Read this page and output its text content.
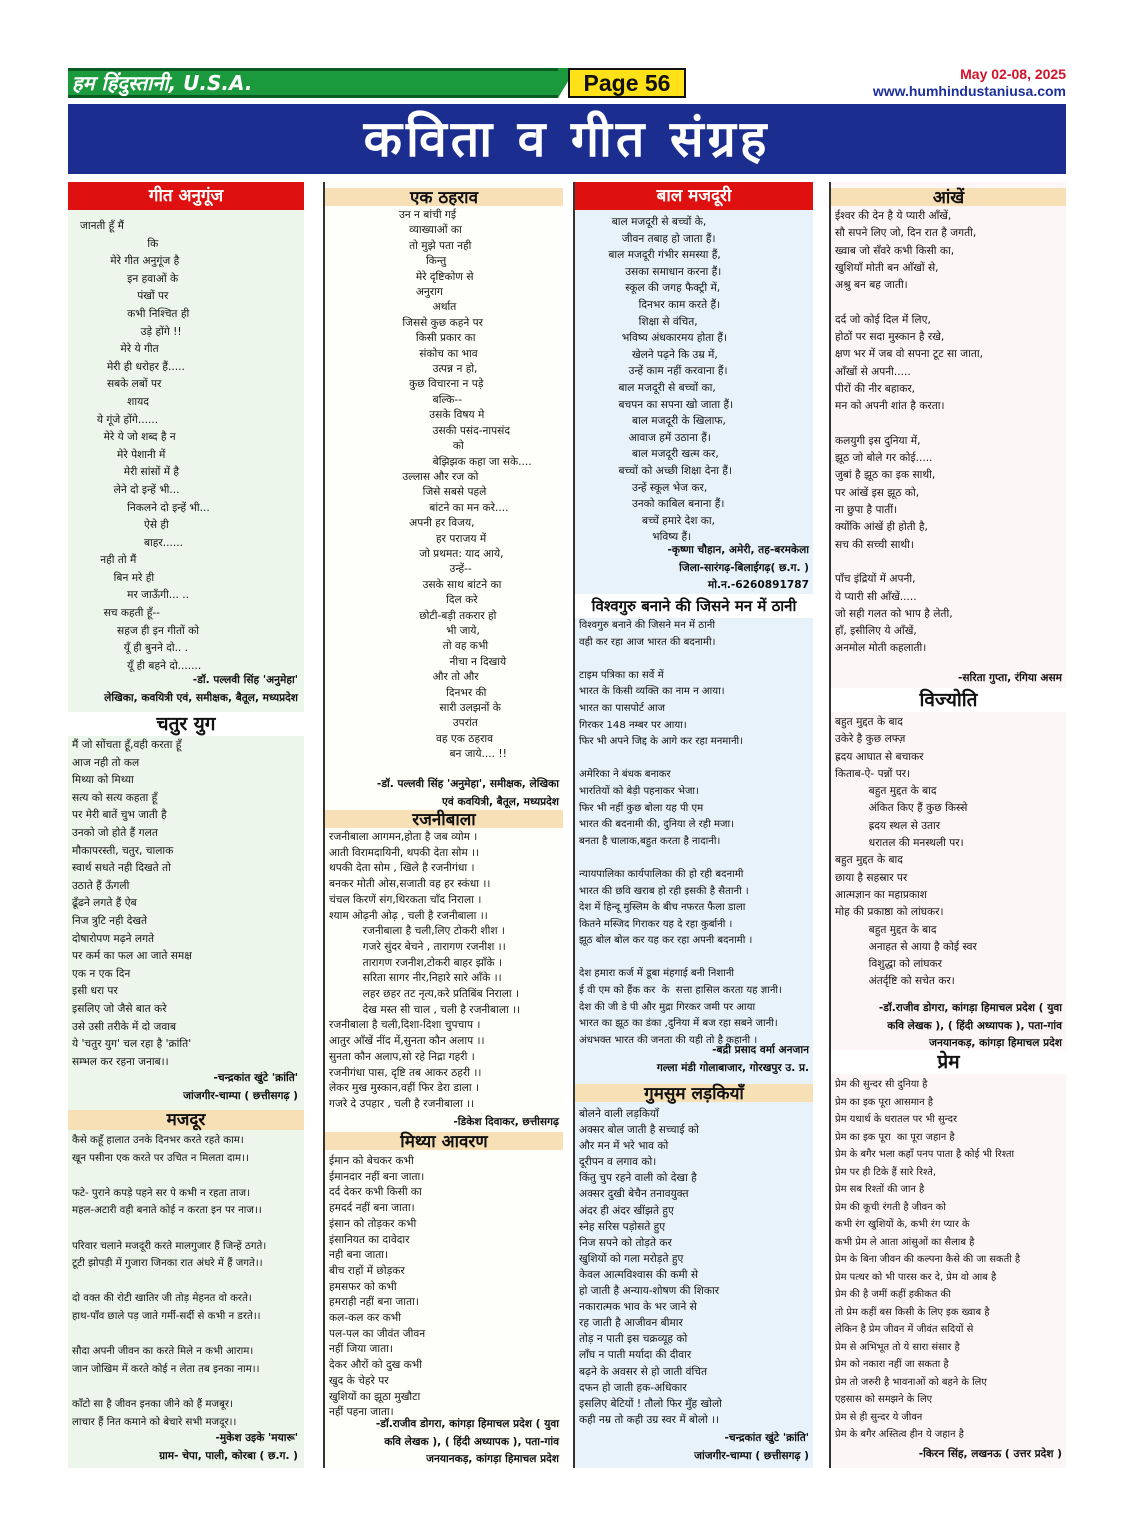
हम हिंदुस्तानी, U.S.A.	Page 56	May 02-08, 2025
www.humhindustaniusa.com
कविता व गीत संग्रह
गीत अनुगूंज
जानती हूँ मैं
कि
मेरे गीत अनुगूंज है
इन हवाओं के
पंखों पर
कभी निश्चित ही
उड़े होंगे !!
मेरे ये गीत
मेरी ही धरोहर हैं.....
सबके लबों पर
शायद
ये गूंजे होंगे......
मेरे ये जो शब्द है न
मेरे पेशानी में
मेरी सांसों में है
लेने दो इन्हें भी...
निकलने दो इन्हें भी...
ऐसे ही
बाहर......
नही तो मैं
बिन मरे ही
मर जाऊँगी... ..
सच कहती हूँ--
सहज ही इन गीतों को
यूँ ही बुनने दो.. .
यूँ ही बहने दो.......
-डॉ. पल्लवी सिंह 'अनुमेहा'
लेखिका, कवयित्री एवं, समीक्षक, बैतूल, मध्यप्रदेश
चतुर युग
मैं जो सोंचता हूँ,वही करता हूँ
आज नही तो कल
मिथ्या को मिथ्या
सत्य को सत्य कहता हूँ
पर मेरी बातें चुभ जाती है
उनको जो होते हैं गलत
मौकापरस्ती, चतुर, चालाक
स्वार्थ सधते नही दिखते तो
उठाते हैं ऊँगली
ढूँढने लगते हैं ऐब
निज त्रुटि नही देखते
दोषारोपण मढ़ने लगते
पर कर्म का फल आ जाते समक्ष
एक न एक दिन
इसी धरा पर
इसलिए जो जैसे बात करे
उसे उसी तरीके में दो जवाब
ये 'चतुर युग' चल रहा है 'क्रांति'
सम्भल कर रहना जनाब।।
-चन्द्रकांत खुंटे 'क्रांति'
जांजगीर-चाम्पा ( छत्तीसगढ़ )
मजदूर
कैसे कहूँ हालात उनके दिनभर करते रहते काम।
खून पसीना एक करते पर उचित न मिलता दाम।।

फटे- पुराने कपड़े पहने सर पे कभी न रहता ताज।
महल-अटारी वही बनाते कोई न करता इन पर नाज।।

परिवार चलाने मजदूरी करते मालगुजार हैं जिन्हें ठगते।
टूटी झोपड़ी में गुजारा जिनका रात अंधरे में हैं जगते।।

दो वक्त की रोटी खातिर जी तोड़ मेहनत वो करते।
हाथ-पाँव छाले पड़ जाते गर्मी-सर्दी से कभी न डरते।।

सौदा अपनी जीवन का करते मिले न कभी आराम।
जान जोखिम में करते कोई न लेता तब इनका नाम।।

काँटो सा है जीवन इनका जीने को हैं मजबूर।
लाचार हैं नित कमाने को बेचारे सभी मजदूर।।
-मुकेश उइके 'मयारू'
ग्राम- चेपा, पाली, कोरबा ( छ.ग. )
एक ठहराव
उन न बांची गई
व्याख्याओं का
तो मुझे पता नही
किन्तु
मेरे दृष्टिकोण से
अनुराग
अर्थात
जिससे कुछ कहने पर
किसी प्रकार का
संकोच का भाव
उत्पन्न न हो,
कुछ विचारना न पड़े
बल्कि--
उसके विषय मे
उसकी पसंद-नापसंद
को
बेझिझक कहा जा सके....
उल्लास और रज को
जिसे सबसे पहले
बांटने का मन करे....
अपनी हर विजय,
हर पराजय में
जो प्रथमत: याद आये,
उन्हें--
उसके साथ बांटने का
दिल करे
छोटी-बड़ी तकरार हो
भी जाये,
तो वह कभी
नीचा न दिखाये
और तो और
दिनभर की
सारी उलझनों के
उपरांत
वह एक ठहराव
बन जाये.... !!
-डॉ. पल्लवी सिंह 'अनुमेहा', समीक्षक, लेखिका
एवं कवयित्री, बैतूल, मध्यप्रदेश
रजनीबाला
रजनीबाला आगमन,होता है जब व्योम ।
आती विरामदायिनी, थपकी देता सोम ।।
थपकी देता सोम , खिले है रजनीगंधा ।
बनकर मोती ओस,सजाती वह हर स्कंधा ।।
चंचल किरणें संग,थिरकता चाँद निराला ।
श्याम ओढ़नी ओढ़ , चली है रजनीबाला ।।
रजनीबाला है चली,लिए टोकरी शीश ।
गजरे सुंदर बेचने , तारागण रजनीश ।।
तारागण रजनीश,टोकरी बाहर झाँके ।
सरिता सागर नीर,निहारे सारे आँके ।।
लहर छहर तट नृत्य,करे प्रतिबिंब निराला ।
देख मस्त सी चाल , चली है रजनीबाला ।।
रजनीबाला है चली,दिशा-दिशा चुपचाप ।
आतुर आँखें नींद में,सुनता कौन अलाप ।।
सुनता कौन अलाप,सो रहे निद्रा गहरी ।
रजनीगंधा पास, दृष्टि तब आकर ठहरी ।।
लेकर मुख मुस्कान,वहीं फिर डेरा डाला ।
गजरे दे उपहार , चली है रजनीबाला ।।
-डिकेश दिवाकर, छत्तीसगढ़
मिथ्या आवरण
ईमान को बेचकर कभी
ईमानदार नहीं बना जाता।
दर्द देकर कभी किसी का
हमदर्द नहीं बना जाता।
इंसान को तोड़कर कभी
इंसानियत का दावेदार
नही बना जाता।
बीच राहों में छोड़कर
हमसफर को कभी
हमराही नहीं बना जाता।
कल-कल कर कभी
पल-पल का जीवंत जीवन
नहीं जिया जाता।
देकर औरों को दुख कभी
खुद के चेहरे पर
खुशियों का झूठा मुखौटा
नहीं पहना जाता।
-डॉ.राजीव डोगरा, कांगड़ा हिमाचल प्रदेश ( युवा
कवि लेखक ), ( हिंदी अध्यापक ), पता-गांव
जनयानकड़, कांगड़ा हिमाचल प्रदेश
बाल मजदूरी
बाल मजदूरी से बच्चों के,
जीवन तबाह हो जाता हैं।
बाल मजदूरी गंभीर समस्या हैं,
उसका समाधान करना हैं।
स्कूल की जगह फैक्ट्री में,
दिनभर काम करते हैं।
शिक्षा से वंचित,
भविष्य अंधकारमय होता हैं।
खेलने पढ़ने कि उम्र में,
उन्हें काम नहीं करवाना हैं।
बाल मजदूरी से बच्चों का,
बचपन का सपना खो जाता हैं।
बाल मजदूरी के खिलाफ,
आवाज हमें उठाना हैं।
बाल मजदूरी खत्म कर,
बच्चों को अच्छी शिक्षा देना हैं।
उन्हें स्कूल भेज कर,
उनको काबिल बनाना हैं।
बच्चें हमारे देश का,
भविष्य हैं।
-कृष्णा चौहान, अमेरी, तह-बरमकेला
जिला-सारंगढ़-बिलाईगढ़( छ.ग. )
मो.न.-6260891787
विश्वगुरु बनाने की जिसने मन में ठानी
विश्वगुरु बनाने की जिसने मन में ठानी
वही कर रहा आज भारत की बदनामी।

टाइम पत्रिका का सर्वे में
भारत के किसी व्यक्ति का नाम न आया।
भारत का पासपोर्ट आज
गिरकर 148 नम्बर पर आया।
फिर भी अपने जिद्द के आगे कर रहा मनमानी।

अमेरिका ने बंधक बनाकर
भारतियों को बेड़ी पहनाकर भेजा।
फिर भी नहीं कुछ बोला यह पी एम
भारत की बदनामी की, दुनिया ले रही मजा।
बनता है चालाक,बहुत करता है नादानी।

न्यायपालिका कार्यपालिका की हो रही बदनामी
भारत की छवि खराब हो रही इसकी है सैतानी ।
देश में हिन्दू मुस्लिम के बीच नफरत फैला डाला
कितने मस्जिद गिराकर यह दे रहा कुर्बानी ।
झूठ बोल बोल कर यह कर रहा अपनी बदनामी ।

देश हमारा कर्ज में डूबा मंहगाई बनी निशानी
ई वी एम को हैंक कर  के  सत्ता हासिल करता यह ज्ञानी।
देश की जी डे पी और मुद्रा गिरकर जमी पर आया
भारत का झूठ का डंका ,दुनिया में बज रहा सबने जानी।
अंधभक्त भारत की जनता की यही तो है कहानी ।
-बद्री प्रसाद वर्मा अनजान
गल्ला मंडी गोलाबाजार, गोरखपुर उ. प्र.
गुमसुम लड़कियाँ
बोलने वाली लड़कियाँ
अक्सर बोल जाती है सच्चाई को
और मन में भरे भाव को
दूरीपन व लगाव को।
किंतु चुप रहने वाली को देखा है
अक्सर दुखी बेचैन तनावयुक्त
अंदर ही अंदर खींझते हुए
स्नेह सरिस पड़ोसते हुए
निज सपने को तोड़ते कर
खुशियों को गला मरोड़ते हुए
केवल आत्मविश्वास की कमी से
हो जाती है अन्याय-शोषण की शिकार
नकारात्मक भाव के भर जाने से
रह जाती है आजीवन बीमार
तोड़ न पाती इस चक्रव्यूह को
लाँघ न पाती मर्यादा की दीवार
बढ़ने के अवसर से हो जाती वंचित
दफन हो जाती हक-अधिकार
इसलिए बेटियों ! तौलो फिर मुँह खोलो
कही नम्र तो कही उग्र स्वर में बोलो ।।
-चन्द्रकांत खुंटे 'क्रांति'
जांजगीर-चाम्पा ( छत्तीसगढ़ )
आंखें
ईश्वर की देन है ये प्यारी आँखें,
सौ सपने लिए जो, दिन रात है जगती,
ख्वाब जो सँवरे कभी किसी का,
खुशियाँ मोती बन आँखों से,
अश्रु बन बह जाती।

दर्द जो कोई दिल में लिए,
होठों पर सदा मुस्कान है रखे,
क्षण भर में जब वो सपना टूट सा जाता,
आँखों से अपनी.....
पीरों की नीर बहाकर,
मन को अपनी शांत है करता।

कलयुगी इस दुनिया में,
झूठ जो बोले गर कोई.....
जुबां है झूठ का इक साथी,
पर आंखें इस झूठ को,
ना छुपा है पातीं।
क्योंकि आंखें ही होती है,
सच की सच्ची साथी।

पाँच इंद्रियों में अपनी,
ये प्यारी सी आँखें.....
जो सही गलत को भाप है लेती,
हाँ, इसीलिए ये आँखें,
अनमोल मोती कहलाती।
-सरिता गुप्ता, रंगिया असम
विज्योति
बहुत मुद्दत के बाद
उकेरे है कुछ लफ्ज़
ह्रदय आघात से बचाकर
किताब-ऐ- पन्नों पर।
बहुत मुद्दत के बाद
अंकित किए हैं कुछ किस्से
ह्रदय स्थल से उतार
धरातल की मनस्थली पर।
बहुत मुद्दत के बाद
छाया है सहस्रार पर
आत्मज्ञान का महाप्रकाश
मोह की प्रकाष्ठा को लांघकर।
बहुत मुद्दत के बाद
अनाहत से आया है कोई स्वर
विशुद्धा को लांघकर
अंतर्दृष्टि को सचेत कर।
-डॉ.राजीव डोगरा, कांगड़ा हिमाचल प्रदेश ( युवा
कवि लेखक ), ( हिंदी अध्यापक ), पता-गांव
जनयानकड़, कांगड़ा हिमाचल प्रदेश
प्रेम
प्रेम की सुन्दर सी दुनिया है
प्रेम का इक पूरा आसमान है
प्रेम यथार्थ के धरातल पर भी सुन्दर
प्रेम का इक पूरा  का पूरा जहान है
प्रेम के बगैर भला कहाँ पनप पाता है कोई भी रिश्ता
प्रेम पर ही टिके हैं सारे रिश्ते,
प्रेम सब रिश्तों की जान है
प्रेम की कूची रंगती है जीवन को
कभी रंग खुशियों के, कभी रंग प्यार के
कभी प्रेम ले आता आंसुओं का सैलाब है
प्रेम के बिना जीवन की कल्पना कैसे की जा सकती है
प्रेम पत्थर को भी पारस कर दे, प्रेम वो आब है
प्रेम की है जमीं कहीं हकीकत की
तो प्रेम कहीं बस किसी के लिए इक ख्वाब है
लेकिन है प्रेम जीवन में जीवंत सदियों से
प्रेम से अभिभूत तो ये सारा संसार है
प्रेम को नकारा नहीं जा सकता है
प्रेम तो जरुरी है भावनाओं को बहने के लिए
एहसास को समझने के लिए
प्रेम से ही सुन्दर ये जीवन
प्रेम के बगैर अस्तित्व हीन ये जहान है
-किरन सिंह, लखनऊ ( उत्तर प्रदेश )
